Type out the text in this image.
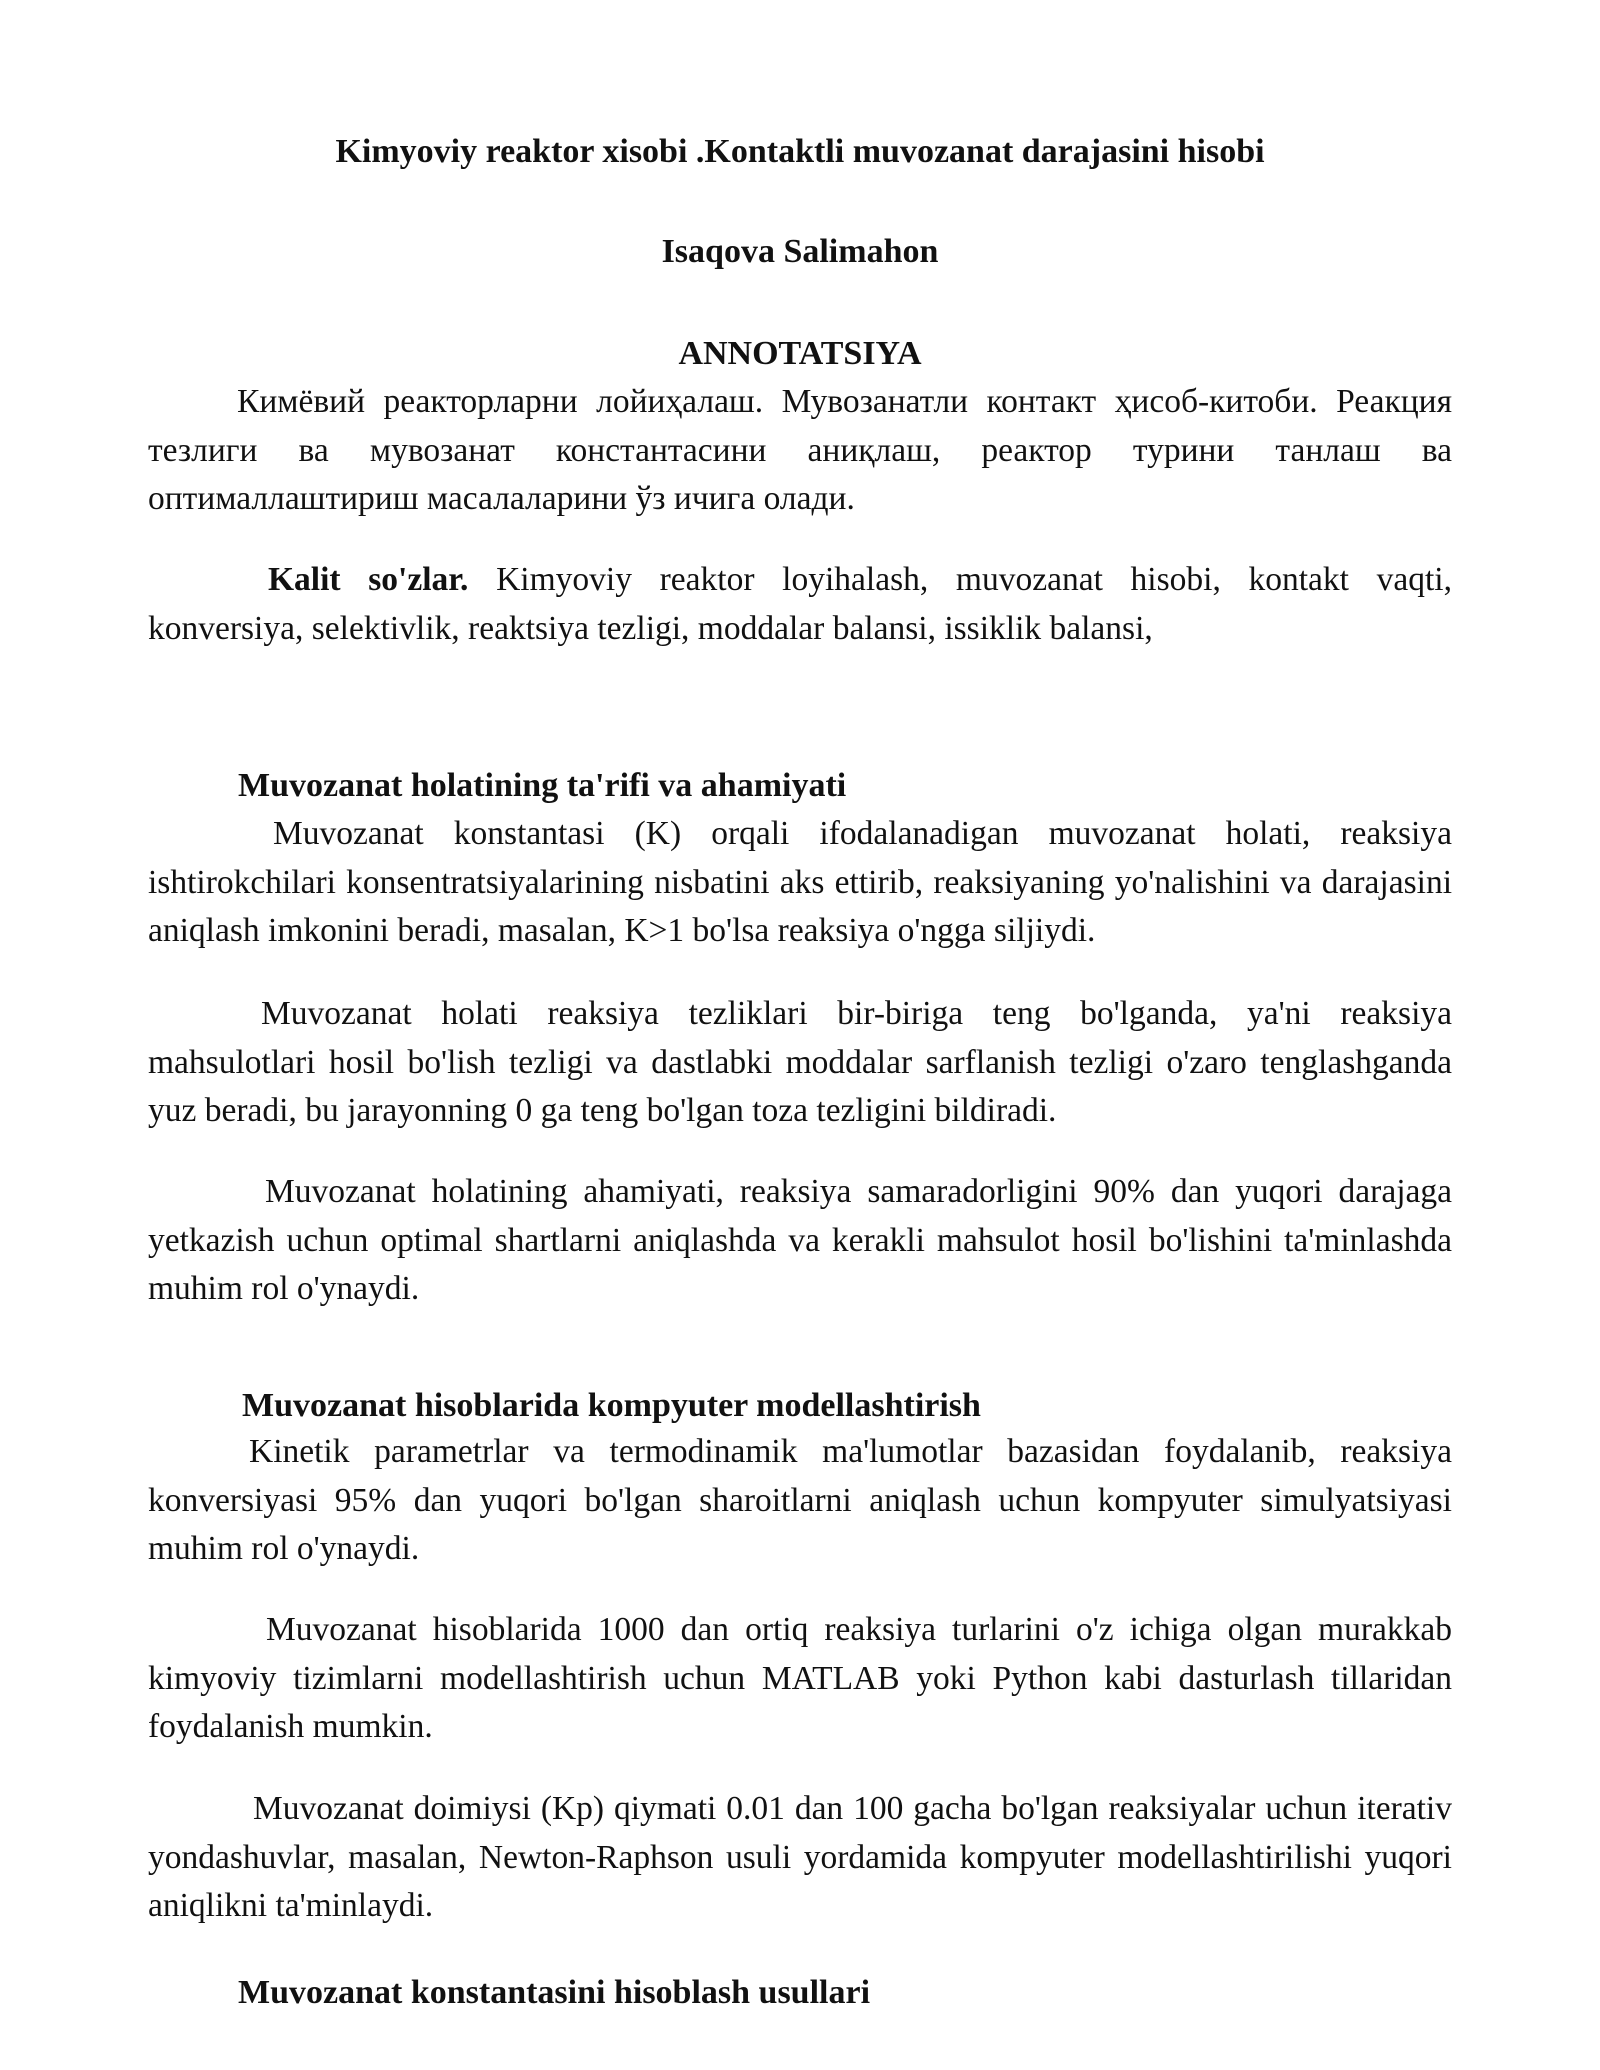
Kimyoviy reaktor xisobi .Kontaktli muvozanat darajasini hisobi
Isaqova Salimahon
ANNOTATSIYA

Кимёвий реакторларни лойиҳалаш. Мувозанатли контакт ҳисоб-китоби. Реакция тезлиги ва мувозанат константасини аниқлаш, реактор турини танлаш ва оптималлаштириш масалаларини ўз ичига олади.

Kalit so'zlar. Kimyoviy reaktor loyihalash, muvozanat hisobi, kontakt vaqti, konversiya, selektivlik, reaktsiya tezligi, moddalar balansi, issiklik balansi,

Muvozanat holatining ta'rifi va ahamiyati

Muvozanat konstantasi (K) orqali ifodalanadigan muvozanat holati, reaksiya ishtirokchilari konsentratsiyalarining nisbatini aks ettirib, reaksiyaning yo'nalishini va darajasini aniqlash imkonini beradi, masalan, K>1 bo'lsa reaksiya o'ngga siljiydi.

Muvozanat holati reaksiya tezliklari bir-biriga teng bo'lganda, ya'ni reaksiya mahsulotlari hosil bo'lish tezligi va dastlabki moddalar sarflanish tezligi o'zaro tenglashganda yuz beradi, bu jarayonning 0 ga teng bo'lgan toza tezligini bildiradi.

Muvozanat holatining ahamiyati, reaksiya samaradorligini 90% dan yuqori darajaga yetkazish uchun optimal shartlarni aniqlashda va kerakli mahsulot hosil bo'lishini ta'minlashda muhim rol o'ynaydi.

Muvozanat hisoblarida kompyuter modellashtirish

Kinetik parametrlar va termodinamik ma'lumotlar bazasidan foydalanib, reaksiya konversiyasi 95% dan yuqori bo'lgan sharoitlarni aniqlash uchun kompyuter simulyatsiyasi muhim rol o'ynaydi.

Muvozanat hisoblarida 1000 dan ortiq reaksiya turlarini o'z ichiga olgan murakkab kimyoviy tizimlarni modellashtirish uchun MATLAB yoki Python kabi dasturlash tillaridan foydalanish mumkin.

Muvozanat doimiysi (Kp) qiymati 0.01 dan 100 gacha bo'lgan reaksiyalar uchun iterativ yondashuvlar, masalan, Newton-Raphson usuli yordamida kompyuter modellashtirilishi yuqori aniqlikni ta'minlaydi.

Muvozanat konstantasini hisoblash usullari
